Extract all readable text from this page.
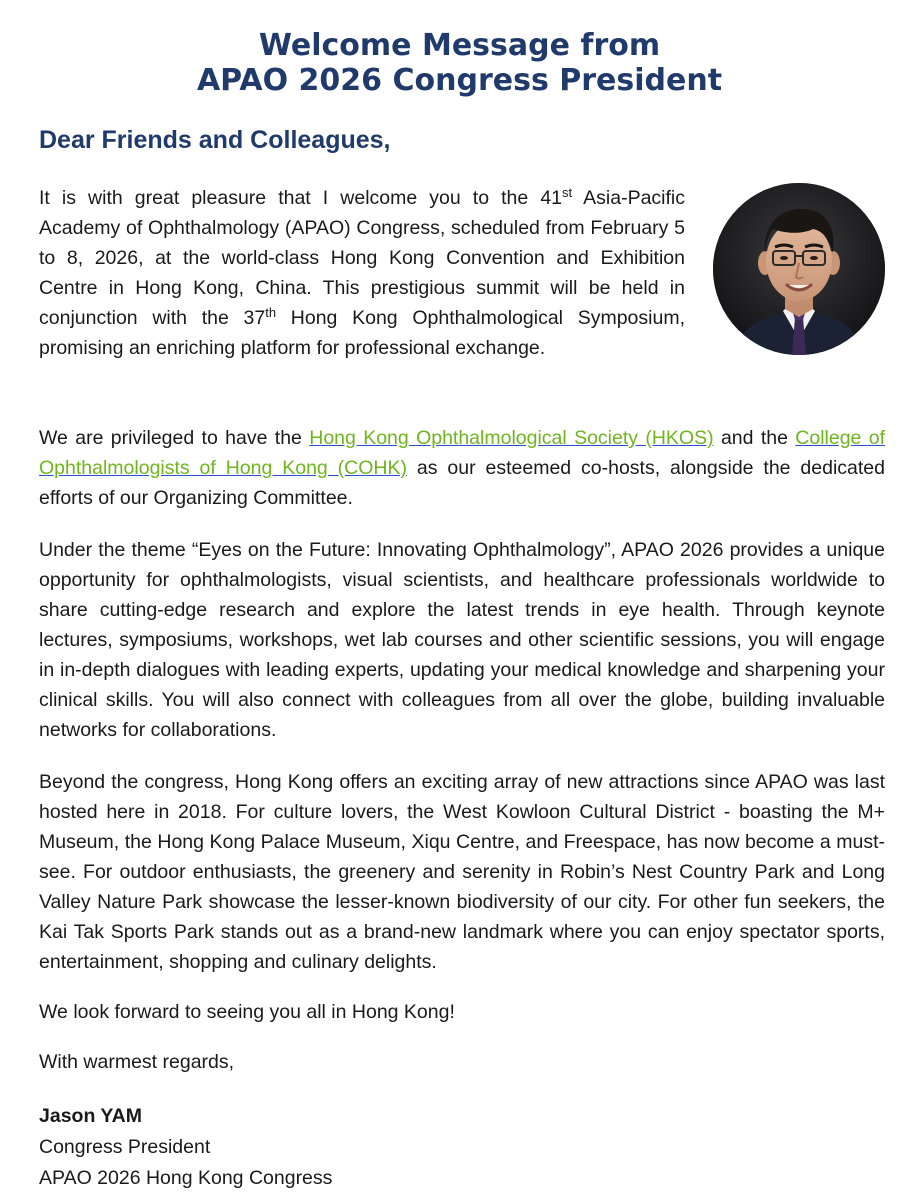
Welcome Message from
APAO 2026 Congress President
Dear Friends and Colleagues,

It is with great pleasure that I welcome you to the 41st Asia-Pacific Academy of Ophthalmology (APAO) Congress, scheduled from February 5 to 8, 2026, at the world-class Hong Kong Convention and Exhibition Centre in Hong Kong, China. This prestigious summit will be held in conjunction with the 37th Hong Kong Ophthalmological Symposium, promising an enriching platform for professional exchange.

We are privileged to have the Hong Kong Ophthalmological Society (HKOS) and the College of Ophthalmologists of Hong Kong (COHK) as our esteemed co-hosts, alongside the dedicated efforts of our Organizing Committee.

Under the theme “Eyes on the Future: Innovating Ophthalmology”, APAO 2026 provides a unique opportunity for ophthalmologists, visual scientists, and healthcare professionals worldwide to share cutting-edge research and explore the latest trends in eye health. Through keynote lectures, symposiums, workshops, wet lab courses and other scientific sessions, you will engage in in-depth dialogues with leading experts, updating your medical knowledge and sharpening your clinical skills. You will also connect with colleagues from all over the globe, building invaluable networks for collaborations.

Beyond the congress, Hong Kong offers an exciting array of new attractions since APAO was last hosted here in 2018. For culture lovers, the West Kowloon Cultural District - boasting the M+ Museum, the Hong Kong Palace Museum, Xiqu Centre, and Freespace, has now become a must-see. For outdoor enthusiasts, the greenery and serenity in Robin’s Nest Country Park and Long Valley Nature Park showcase the lesser-known biodiversity of our city. For other fun seekers, the Kai Tak Sports Park stands out as a brand-new landmark where you can enjoy spectator sports, entertainment, shopping and culinary delights.

We look forward to seeing you all in Hong Kong!

With warmest regards,

Jason YAM
Congress President
APAO 2026 Hong Kong Congress
